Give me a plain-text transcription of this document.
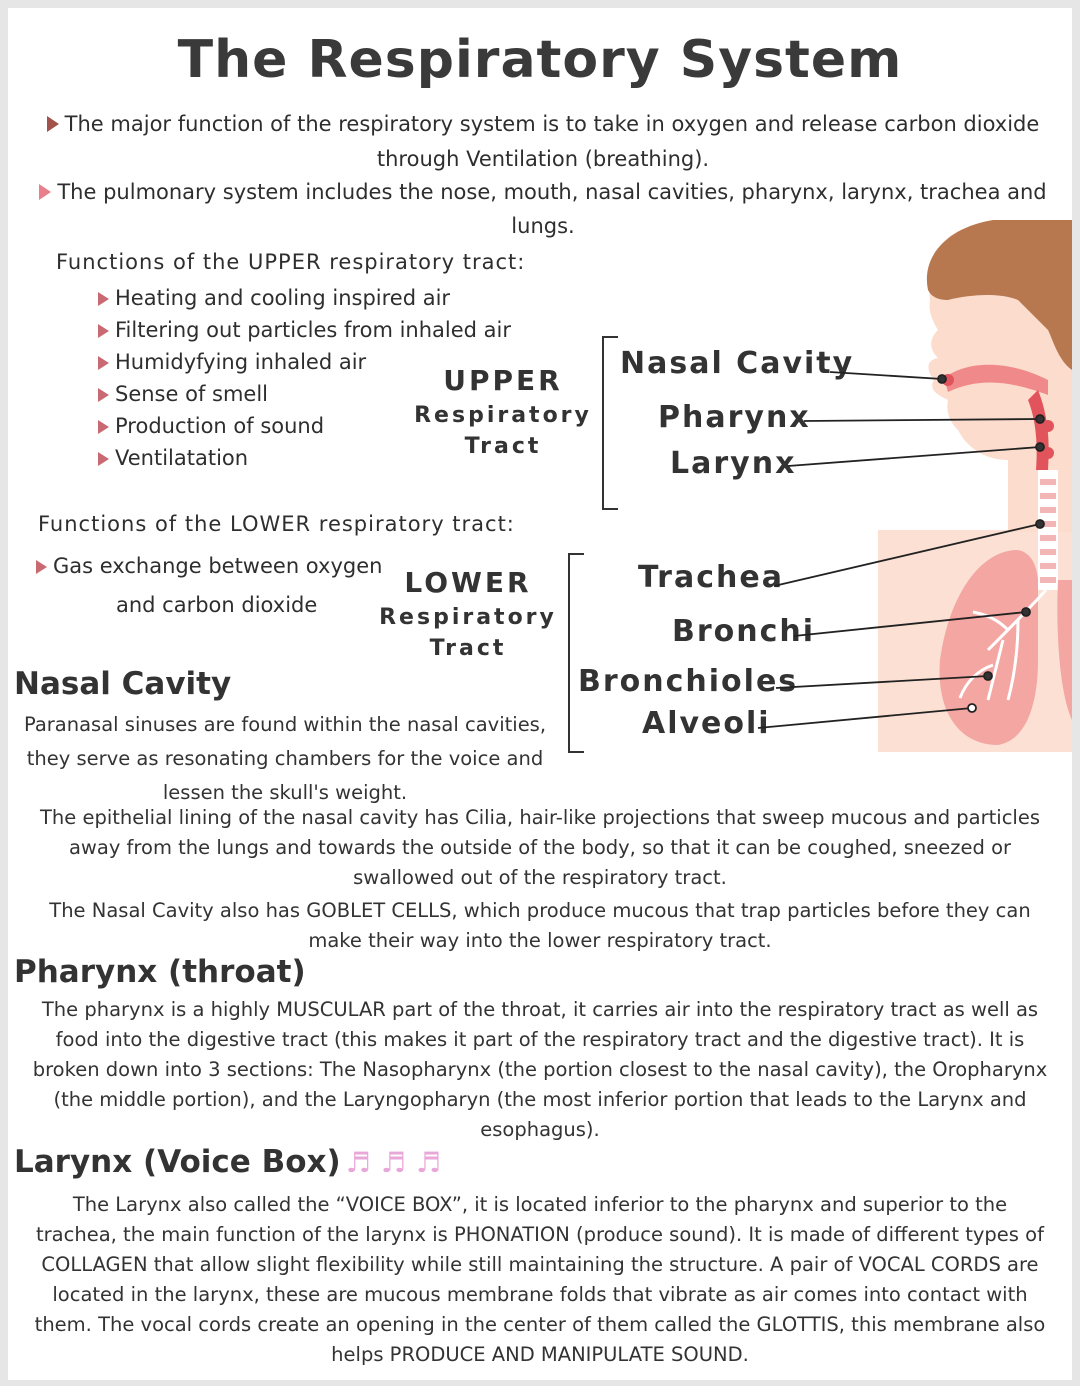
The Respiratory System
The major function of the respiratory system is to take in oxygen and release carbon dioxide
through Ventilation (breathing).
The pulmonary system includes the nose, mouth, nasal cavities, pharynx, larynx, trachea and lungs.
Functions of the UPPER respiratory tract:
Heating and cooling inspired air
Filtering out particles from inhaled air
Humidyfying inhaled air
Sense of smell
Production of sound
Ventilatation
UPPER
Respiratory
Tract
Nasal Cavity
Pharynx
Larynx
Functions of the LOWER respiratory tract:
Gas exchange between oxygen
and carbon dioxide
LOWER
Respiratory
Tract
Trachea
Bronchi
Bronchioles
Alveoli
Nasal Cavity
Paranasal sinuses are found within the nasal cavities,
they serve as resonating chambers for the voice and
lessen the skull's weight.
The epithelial lining of the nasal cavity has Cilia, hair-like projections that sweep mucous and particles away from the lungs and towards the outside of the body, so that it can be coughed, sneezed or swallowed out of the respiratory tract.
The Nasal Cavity also has GOBLET CELLS, which produce mucous that trap particles before they can make their way into the lower respiratory tract.
Pharynx (throat)
The pharynx is a highly MUSCULAR part of the throat, it carries air into the respiratory tract as well as food into the digestive tract (this makes it part of the respiratory tract and the digestive tract). It is broken down into 3 sections: The Nasopharynx (the portion closest to the nasal cavity), the Oropharynx (the middle portion), and the Laryngopharyn (the most inferior portion that leads to the Larynx and esophagus).
Larynx (Voice Box) ♬♬♬
The Larynx also called the “VOICE BOX”, it is located inferior to the pharynx and superior to the trachea, the main function of the larynx is PHONATION (produce sound). It is made of different types of COLLAGEN that allow slight flexibility while still maintaining the structure. A pair of VOCAL CORDS are located in the larynx, these are mucous membrane folds that vibrate as air comes into contact with them. The vocal cords create an opening in the center of them called the GLOTTIS, this membrane also helps PRODUCE AND MANIPULATE SOUND.
